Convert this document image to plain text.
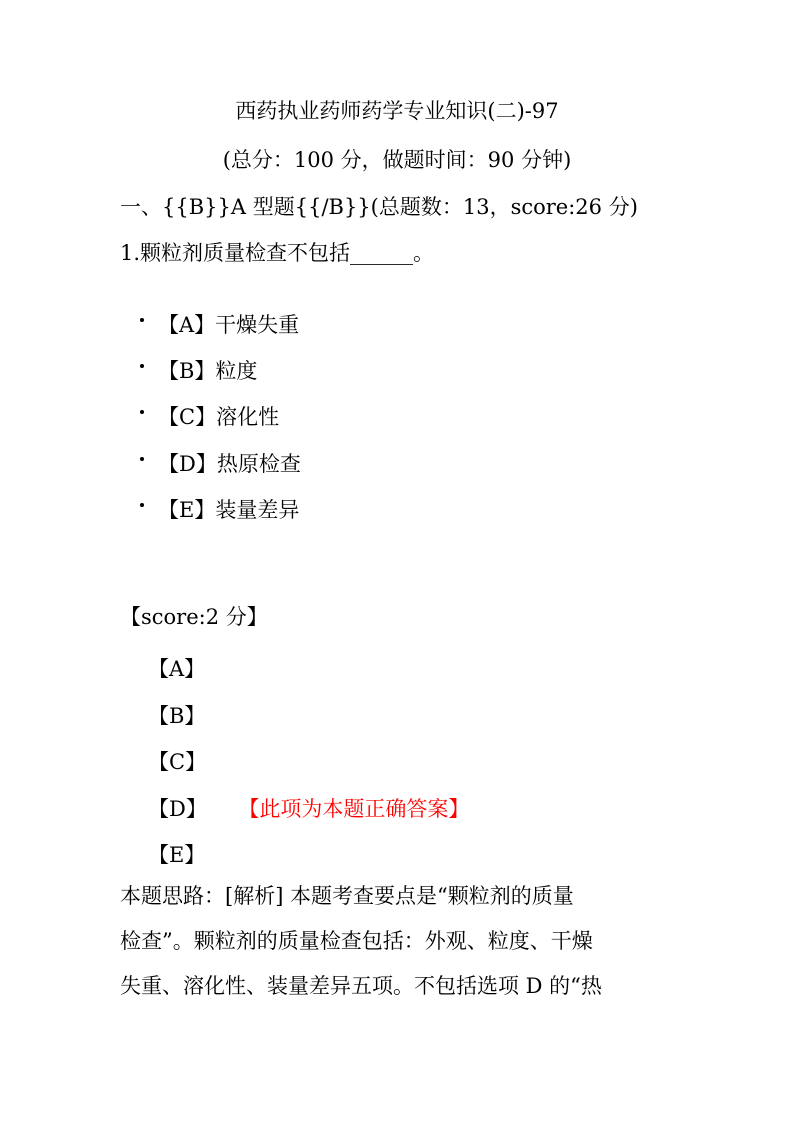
西药执业药师药学专业知识(二)-97
(总分：100 分，做题时间：90 分钟)
一、{{B}}A 型题{{/B}}(总题数：13，score:26 分)
1.颗粒剂质量检查不包括______。
【A】干燥失重
【B】粒度
【C】溶化性
【D】热原检查
【E】装量差异
【score:2 分】
【A】
【B】
【C】
【D】 【此项为本题正确答案】
【E】
本题思路：[解析] 本题考查要点是“颗粒剂的质量
检查”。颗粒剂的质量检查包括：外观、粒度、干燥
失重、溶化性、装量差异五项。不包括选项 D 的“热
